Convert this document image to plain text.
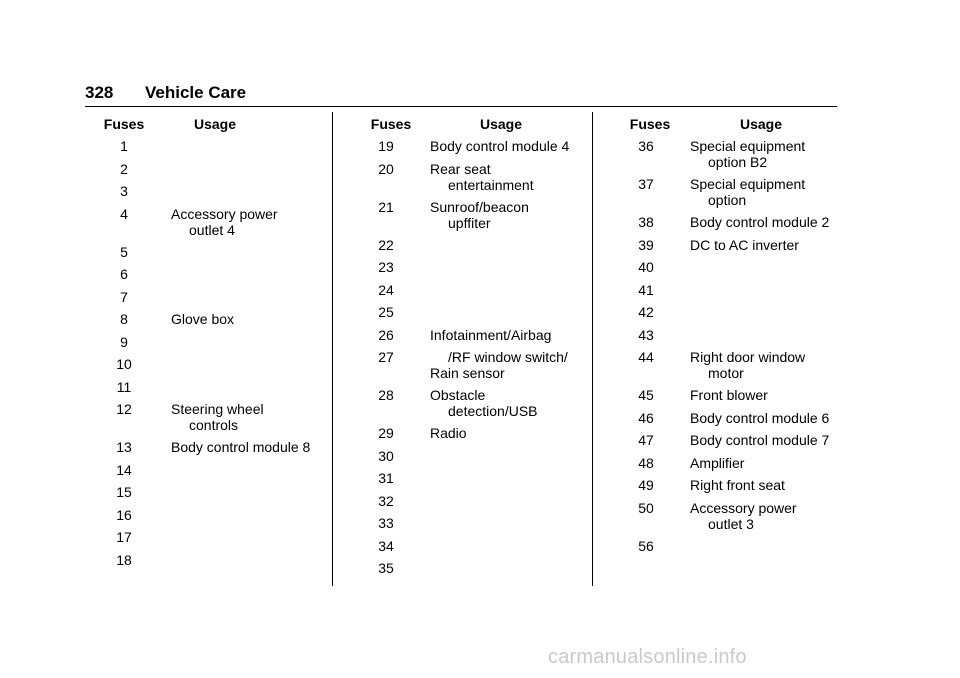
328 Vehicle Care
Fuses	Usage
1
2
3
4	Accessory power
outlet 4
5
6
7
8	Glove box
9
10
11
12	Steering wheel
controls
13	Body control module 8
14
15
16
17
18
Fuses	Usage
19	Body control module 4
20	Rear seat
entertainment
21	Sunroof/beacon
upffiter
22
23
24
25
26	Infotainment/Airbag
27	/RF window switch/
Rain sensor
28	Obstacle
detection/USB
29	Radio
30
31
32
33
34
35
Fuses	Usage
36	Special equipment
option B2
37	Special equipment
option
38	Body control module 2
39	DC to AC inverter
40
41
42
43
44	Right door window
motor
45	Front blower
46	Body control module 6
47	Body control module 7
48	Amplifier
49	Right front seat
50	Accessory power
outlet 3
56
carmanualsonline.info
